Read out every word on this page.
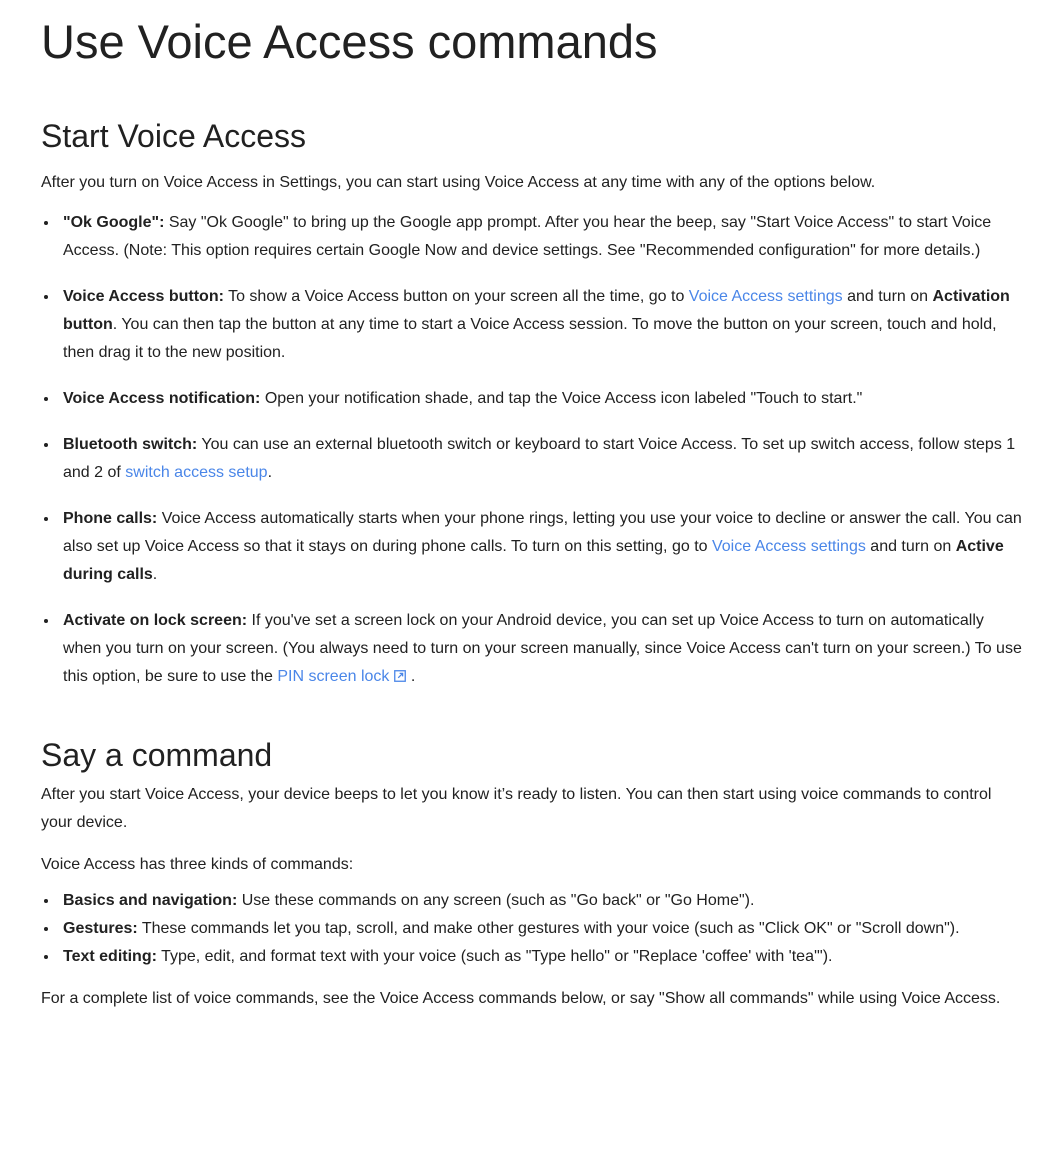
Use Voice Access commands
Start Voice Access

After you turn on Voice Access in Settings, you can start using Voice Access at any time with any of the options below.

"Ok Google": Say "Ok Google" to bring up the Google app prompt. After you hear the beep, say "Start Voice Access" to start Voice Access. (Note: This option requires certain Google Now and device settings. See "Recommended configuration" for more details.)
Voice Access button: To show a Voice Access button on your screen all the time, go to Voice Access settings and turn on Activation button. You can then tap the button at any time to start a Voice Access session. To move the button on your screen, touch and hold, then drag it to the new position.
Voice Access notification: Open your notification shade, and tap the Voice Access icon labeled "Touch to start."
Bluetooth switch: You can use an external bluetooth switch or keyboard to start Voice Access. To set up switch access, follow steps 1 and 2 of switch access setup.
Phone calls: Voice Access automatically starts when your phone rings, letting you use your voice to decline or answer the call. You can also set up Voice Access so that it stays on during phone calls. To turn on this setting, go to Voice Access settings and turn on Active during calls.
Activate on lock screen: If you've set a screen lock on your Android device, you can set up Voice Access to turn on automatically when you turn on your screen. (You always need to turn on your screen manually, since Voice Access can't turn on your screen.) To use this option, be sure to use the PIN screen lock .
Say a command

After you start Voice Access, your device beeps to let you know it’s ready to listen. You can then start using voice commands to control your device.

Voice Access has three kinds of commands:

Basics and navigation: Use these commands on any screen (such as "Go back" or "Go Home").
Gestures: These commands let you tap, scroll, and make other gestures with your voice (such as "Click OK" or "Scroll down").
Text editing: Type, edit, and format text with your voice (such as "Type hello" or "Replace 'coffee' with 'tea'").

For a complete list of voice commands, see the Voice Access commands below, or say "Show all commands" while using Voice Access.
